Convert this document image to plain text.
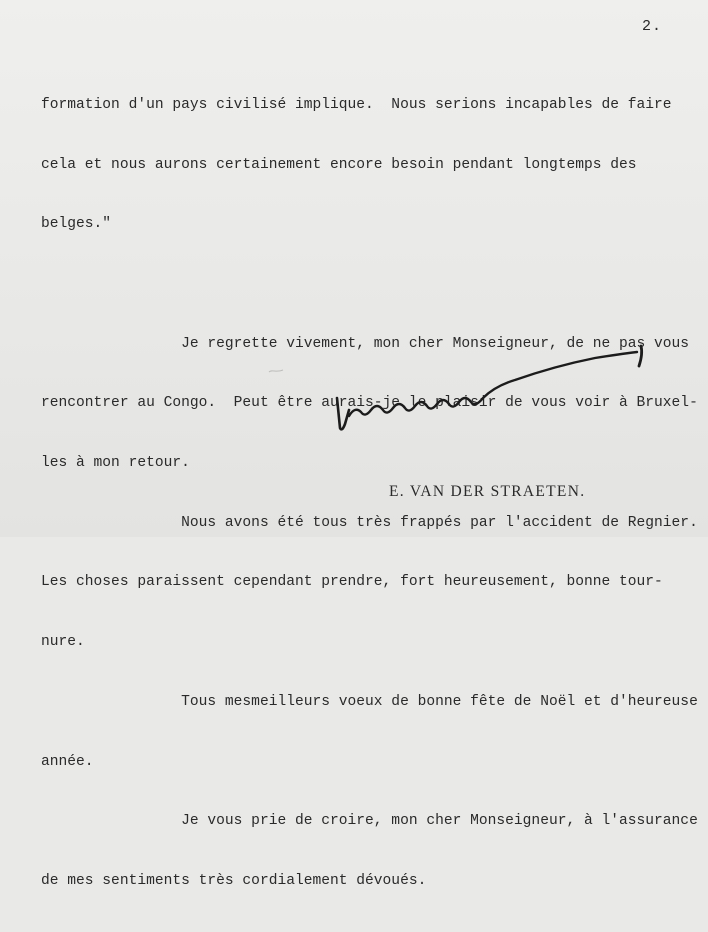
2.

formation d'un pays civilisé implique.  Nous serions incapables de faire

cela et nous aurons certainement encore besoin pendant longtemps des

belges."

Je regrette vivement, mon cher Monseigneur, de ne pas vous

rencontrer au Congo.  Peut être aurais-je le plaisir de vous voir à Bruxel-

les à mon retour.

Nous avons été tous très frappés par l'accident de Regnier.

Les choses paraissent cependant prendre, fort heureusement, bonne tour-

nure.

Tous mesmeilleurs voeux de bonne fête de Noël et d'heureuse

année.

Je vous prie de croire, mon cher Monseigneur, à l'assurance

de mes sentiments très cordialement dévoués.

E. VAN DER STRAETEN.
